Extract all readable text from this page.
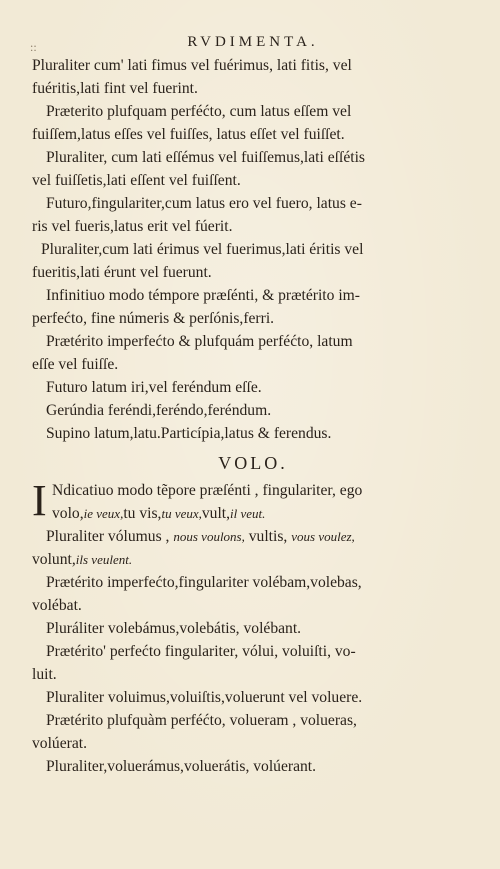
::	RVDIMENTA.
Pluraliter cum' lati fimus vel fuérimus, lati fitis, vel
fuéritis,lati fint vel fuerint.
Præterito plufquam perféćto, cum latus eſſem vel
fuiſſem,latus eſſes vel fuiſſes, latus eſſet vel fuiſſet.
Pluraliter, cum lati eſſémus vel fuiſſemus,lati eſſétis
vel fuiſſetis,lati eſſent vel fuiſſent.
Futuro,fingulariter,cum latus ero vel fuero, latus e-
ris vel fueris,latus erit vel fúerit.
Pluraliter,cum lati érimus vel fuerimus,lati éritis vel
fueritis,lati érunt vel fuerunt.
Infinitiuo modo témpore præſénti, & prætérito im-
perfećto, fine númeris & perſónis,ferri.
Prætérito imperfećto & plufquám perféćto, latum
eſſe vel fuiſſe.
Futuro latum iri,vel feréndum eſſe.
Gerúndia feréndi,feréndo,feréndum.
Supino latum,latu.Particípia,latus & ferendus.
VOLO.
I Ndicatiuo modo tẽpore præſénti , fingulariter, ego
volo,ie veux,tu vis,tu veux,vult,il veut.
Pluraliter vólumus , nous voulons, vultis, vous voulez,
volunt,ils veulent.
Prætérito imperfećto,fingulariter volébam,volebas,
volébat.
Pluráliter volebámus,volebátis, volébant.
Prætérito' perfećto fingulariter, vólui, voluiſti, vo-
luit.
Pluraliter voluimus,voluiſtis,voluerunt vel voluere.
Prætérito plufquàm perféćto, volueram , volueras,
volúerat.
Pluraliter,voluerámus,voluerátis, volúerant.
